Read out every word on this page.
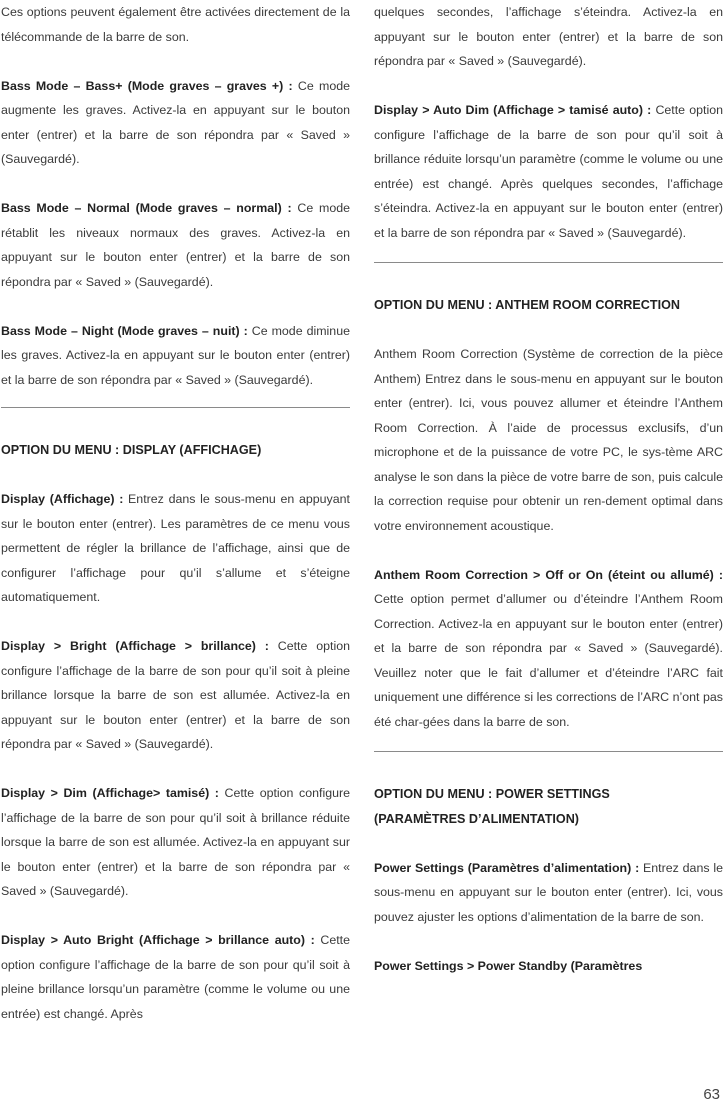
Ces options peuvent également être activées directement de la télécommande de la barre de son.

Bass Mode – Bass+ (Mode graves – graves +) : Ce mode augmente les graves. Activez-la en appuyant sur le bouton enter (entrer) et la barre de son répondra par « Saved » (Sauvegardé).

Bass Mode – Normal (Mode graves – normal) : Ce mode rétablit les niveaux normaux des graves. Activez-la en appuyant sur le bouton enter (entrer) et la barre de son répondra par « Saved » (Sauvegardé).

Bass Mode – Night (Mode graves – nuit) : Ce mode diminue les graves. Activez-la en appuyant sur le bouton enter (entrer) et la barre de son répondra par « Saved » (Sauvegardé).

OPTION DU MENU : DISPLAY (AFFICHAGE)

Display (Affichage) : Entrez dans le sous-menu en appuyant sur le bouton enter (entrer). Les paramètres de ce menu vous permettent de régler la brillance de l’affichage, ainsi que de configurer l’affichage pour qu’il s’allume et s’éteigne automatiquement.

Display > Bright (Affichage > brillance) : Cette option configure l’affichage de la barre de son pour qu’il soit à pleine brillance lorsque la barre de son est allumée. Activez-la en appuyant sur le bouton enter (entrer) et la barre de son répondra par « Saved » (Sauvegardé).

Display > Dim (Affichage> tamisé) : Cette option configure l’affichage de la barre de son pour qu’il soit à brillance réduite lorsque la barre de son est allumée. Activez-la en appuyant sur le bouton enter (entrer) et la barre de son répondra par « Saved » (Sauvegardé).

Display > Auto Bright (Affichage > brillance auto) : Cette option configure l’affichage de la barre de son pour qu’il soit à pleine brillance lorsqu’un paramètre (comme le volume ou une entrée) est changé. Après

quelques secondes, l’affichage s’éteindra. Activez-la en appuyant sur le bouton enter (entrer) et la barre de son répondra par « Saved » (Sauvegardé).

Display > Auto Dim (Affichage > tamisé auto) : Cette option configure l’affichage de la barre de son pour qu’il soit à brillance réduite lorsqu’un paramètre (comme le volume ou une entrée) est changé. Après quelques secondes, l’affichage s’éteindra. Activez-la en appuyant sur le bouton enter (entrer) et la barre de son répondra par « Saved » (Sauvegardé).

OPTION DU MENU : ANTHEM ROOM CORRECTION

Anthem Room Correction (Système de correction de la pièce Anthem) Entrez dans le sous-menu en appuyant sur le bouton enter (entrer). Ici, vous pouvez allumer et éteindre l’Anthem Room Correction. À l’aide de processus exclusifs, d’un microphone et de la puissance de votre PC, le sys-tème ARC analyse le son dans la pièce de votre barre de son, puis calcule la correction requise pour obtenir un ren-dement optimal dans votre environnement acoustique.

Anthem Room Correction > Off or On (éteint ou allumé) : Cette option permet d’allumer ou d’éteindre l’Anthem Room Correction. Activez-la en appuyant sur le bouton enter (entrer) et la barre de son répondra par « Saved » (Sauvegardé). Veuillez noter que le fait d’allumer et d’éteindre l’ARC fait uniquement une différence si les corrections de l’ARC n’ont pas été char-gées dans la barre de son.

OPTION DU MENU : POWER SETTINGS
(PARAMÈTRES D’ALIMENTATION)

Power Settings (Paramètres d’alimentation) : Entrez dans le sous-menu en appuyant sur le bouton enter (entrer). Ici, vous pouvez ajuster les options d’alimentation de la barre de son.

Power Settings > Power Standby (Paramètres

63
